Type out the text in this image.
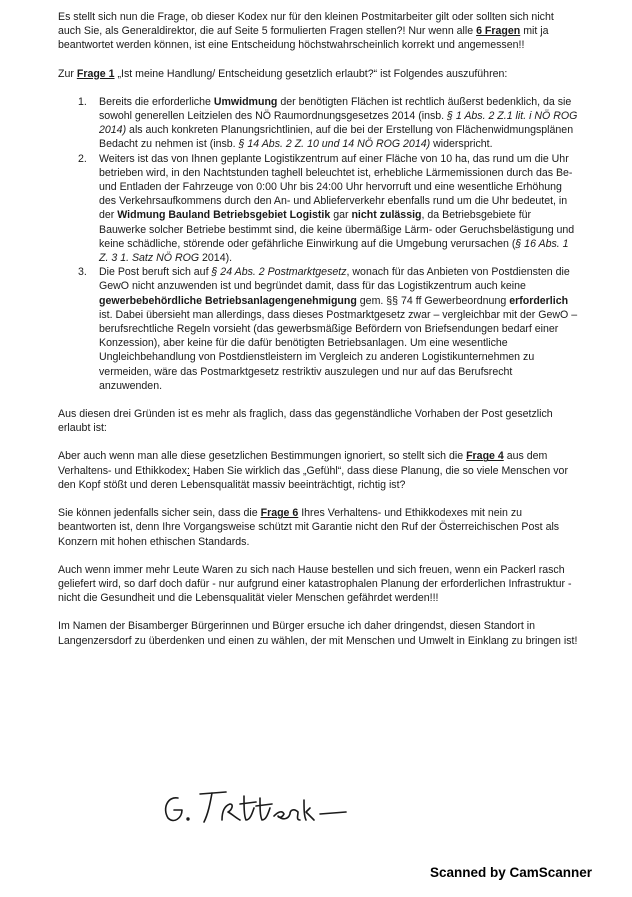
Es stellt sich nun die Frage, ob dieser Kodex nur für den kleinen Postmitarbeiter gilt oder sollten sich nicht auch Sie, als Generaldirektor, die auf Seite 5 formulierten Fragen stellen?! Nur wenn alle 6 Fragen mit ja beantwortet werden können, ist eine Entscheidung höchstwahrscheinlich korrekt und angemessen!!

Zur Frage 1 „Ist meine Handlung/ Entscheidung gesetzlich erlaubt?“ ist Folgendes auszuführen:

1. Bereits die erforderliche Umwidmung der benötigten Flächen ist rechtlich äußerst bedenklich, da sie sowohl generellen Leitzielen des NÖ Raumordnungsgesetzes 2014 (insb. § 1 Abs. 2 Z.1 lit. i NÖ ROG 2014) als auch konkreten Planungsrichtlinien, auf die bei der Erstellung von Flächenwidmungsplänen Bedacht zu nehmen ist (insb. § 14 Abs. 2 Z. 10 und 14 NÖ ROG 2014) widerspricht.
2. Weiters ist das von Ihnen geplante Logistikzentrum auf einer Fläche von 10 ha, das rund um die Uhr betrieben wird, in den Nachtstunden taghell beleuchtet ist, erhebliche Lärmemissionen durch das Be- und Entladen der Fahrzeuge von 0:00 Uhr bis 24:00 Uhr hervorruft und eine wesentliche Erhöhung des Verkehrsaufkommens durch den An- und Ablieferverkehr ebenfalls rund um die Uhr bedeutet, in der Widmung Bauland Betriebsgebiet Logistik gar nicht zulässig, da Betriebsgebiete für Bauwerke solcher Betriebe bestimmt sind, die keine übermäßige Lärm- oder Geruchsbelästigung und keine schädliche, störende oder gefährliche Einwirkung auf die Umgebung verursachen (§ 16 Abs. 1 Z. 3 1. Satz NÖ ROG 2014).
3. Die Post beruft sich auf § 24 Abs. 2 Postmarktgesetz, wonach für das Anbieten von Postdiensten die GewO nicht anzuwenden ist und begründet damit, dass für das Logistikzentrum auch keine gewerbebehördliche Betriebsanlagengenehmigung gem. §§ 74 ff Gewerbeordnung erforderlich ist. Dabei übersieht man allerdings, dass dieses Postmarktgesetz zwar – vergleichbar mit der GewO – berufsrechtliche Regeln vorsieht (das gewerbsmäßige Befördern von Briefsendungen bedarf einer Konzession), aber keine für die dafür benötigten Betriebsanlagen. Um eine wesentliche Ungleichbehandlung von Postdienstleistern im Vergleich zu anderen Logistikunternehmen zu vermeiden, wäre das Postmarktgesetz restriktiv auszulegen und nur auf das Berufsrecht anzuwenden.

Aus diesen drei Gründen ist es mehr als fraglich, dass das gegenständliche Vorhaben der Post gesetzlich erlaubt ist:

Aber auch wenn man alle diese gesetzlichen Bestimmungen ignoriert, so stellt sich die Frage 4 aus dem Verhaltens- und Ethikkodex: Haben Sie wirklich das „Gefühl“, dass diese Planung, die so viele Menschen vor den Kopf stößt und deren Lebensqualität massiv beeinträchtigt, richtig ist?

Sie können jedenfalls sicher sein, dass die Frage 6 Ihres Verhaltens- und Ethikkodexes mit nein zu beantworten ist, denn Ihre Vorgangsweise schützt mit Garantie nicht den Ruf der Österreichischen Post als Konzern mit hohen ethischen Standards.

Auch wenn immer mehr Leute Waren zu sich nach Hause bestellen und sich freuen, wenn ein Packerl rasch geliefert wird, so darf doch dafür - nur aufgrund einer katastrophalen Planung der erforderlichen Infrastruktur - nicht die Gesundheit und die Lebensqualität vieler Menschen gefährdet werden!!!

Im Namen der Bisamberger Bürgerinnen und Bürger ersuche ich daher dringendst, diesen Standort in Langenzersdorf zu überdenken und einen zu wählen, der mit Menschen und Umwelt in Einklang zu bringen ist!

Scanned by CamScanner
